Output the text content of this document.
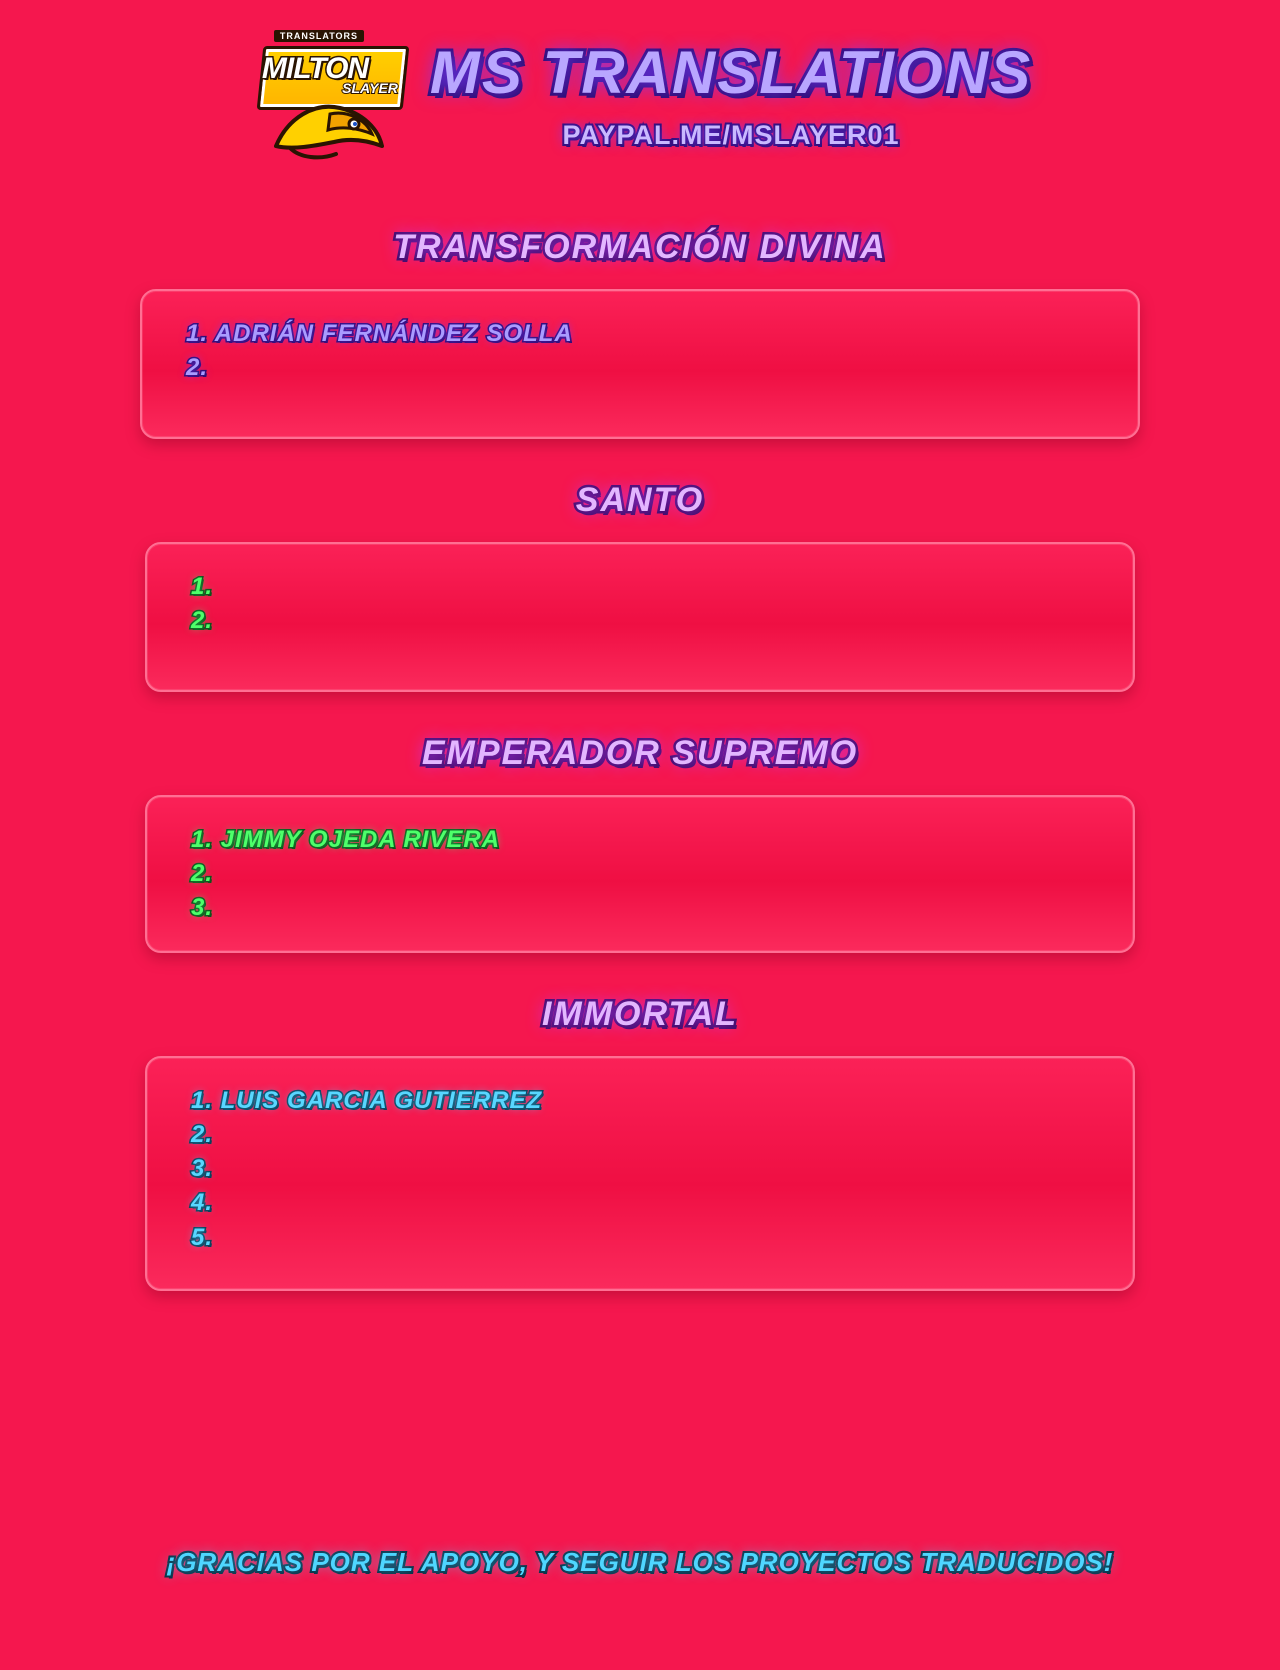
TRANSLATORS
MILTON
SLAYER MS TRANSLATIONS
PAYPAL.ME/MSLAYER01
TRANSFORMACIÓN DIVINA
1. ADRIÁN FERNÁNDEZ SOLLA
2.
SANTO
1.
2.
EMPERADOR SUPREMO
1. JIMMY OJEDA RIVERA
2.
3.
IMMORTAL
1. LUIS GARCIA GUTIERREZ
2.
3.
4.
5.
¡GRACIAS POR EL APOYO, Y SEGUIR LOS PROYECTOS TRADUCIDOS!
